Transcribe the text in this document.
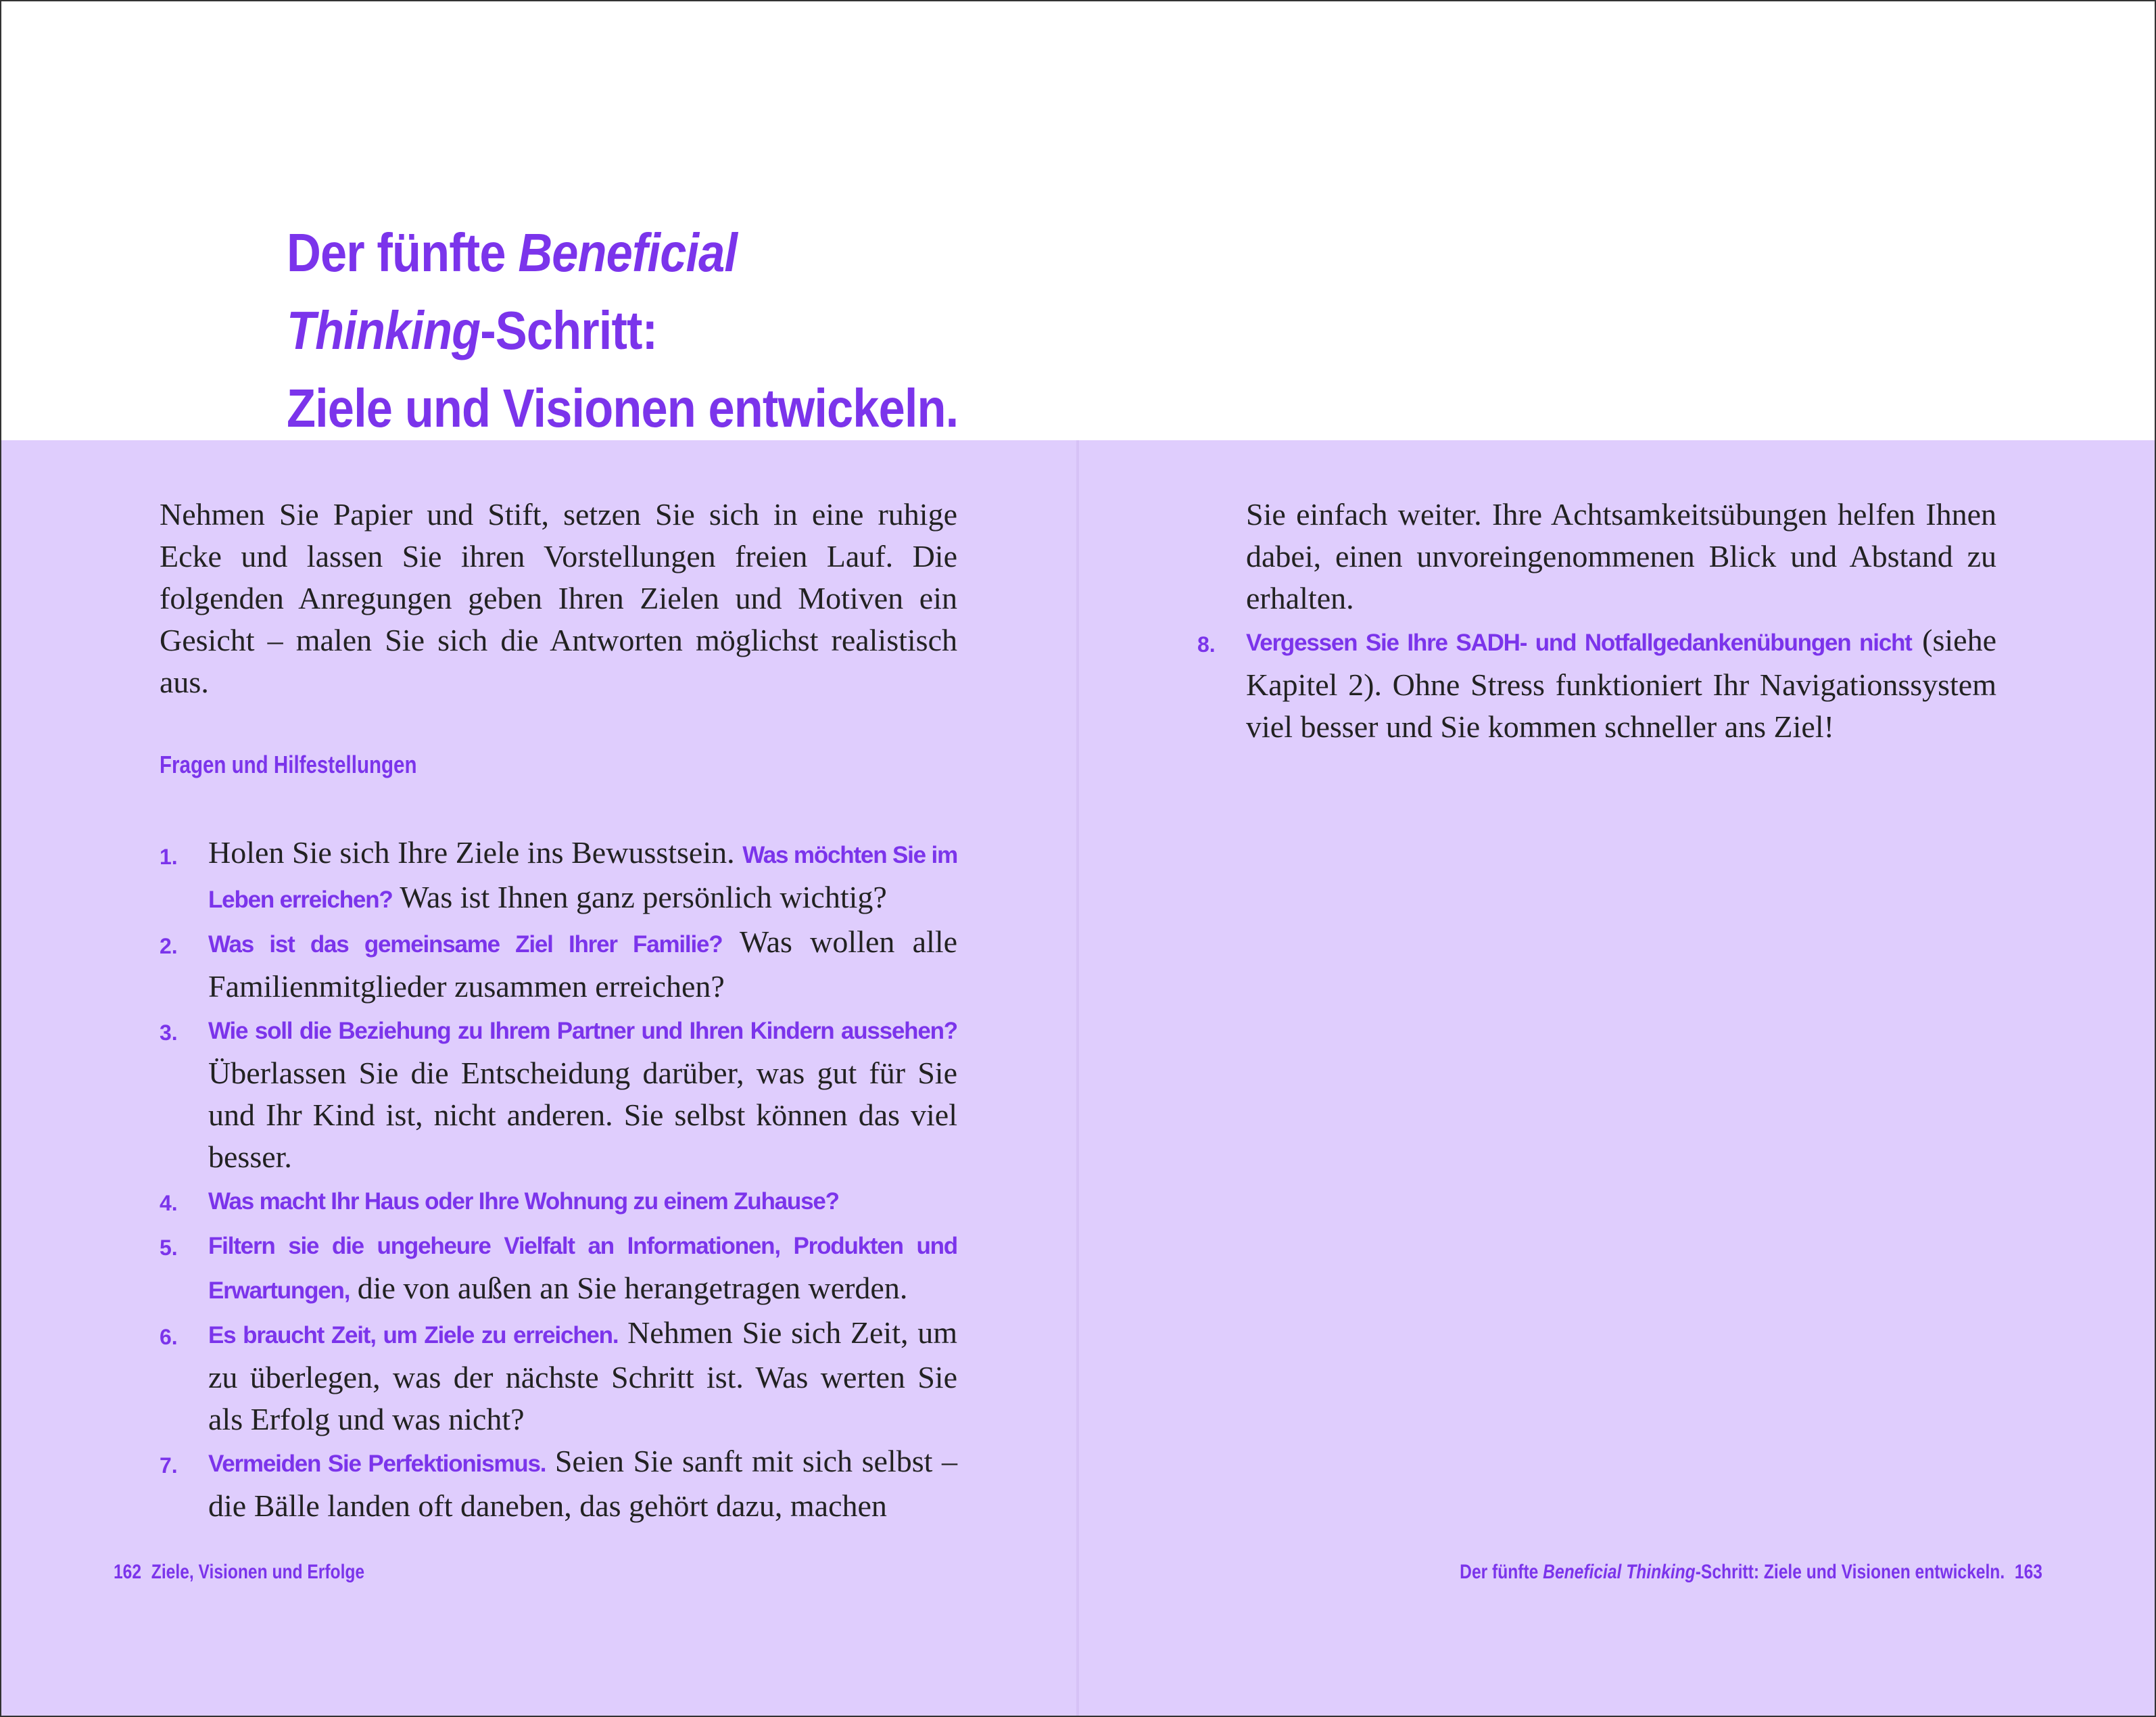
Der fünfte Beneficial
Thinking-Schritt:
Ziele und Visionen entwickeln.

Nehmen Sie Papier und Stift, setzen Sie sich in eine ruhige Ecke und lassen Sie ihren Vorstellungen freien Lauf. Die folgenden Anregungen geben Ihren Zielen und Motiven ein Gesicht – malen Sie sich die Antworten möglichst realistisch aus.

Fragen und Hilfestellungen

1. Holen Sie sich Ihre Ziele ins Bewusstsein. Was möchten Sie im Leben erreichen? Was ist Ihnen ganz persönlich wichtig?
2. Was ist das gemeinsame Ziel Ihrer Familie? Was wollen alle Familienmitglieder zusammen erreichen?
3. Wie soll die Beziehung zu Ihrem Partner und Ihren Kindern aussehen? Überlassen Sie die Entscheidung darüber, was gut für Sie und Ihr Kind ist, nicht anderen. Sie selbst können das viel besser.
4. Was macht Ihr Haus oder Ihre Wohnung zu einem Zuhause?
5. Filtern sie die ungeheure Vielfalt an Informationen, Produkten und Erwartungen, die von außen an Sie herangetragen werden.
6. Es braucht Zeit, um Ziele zu erreichen. Nehmen Sie sich Zeit, um zu überlegen, was der nächste Schritt ist. Was werten Sie als Erfolg und was nicht?
7. Vermeiden Sie Perfektionismus. Seien Sie sanft mit sich selbst – die Bälle landen oft daneben, das gehört dazu, machen

Sie einfach weiter. Ihre Achtsamkeitsübungen helfen Ihnen dabei, einen unvoreingenommenen Blick und Abstand zu erhalten.

8. Vergessen Sie Ihre SADH- und Notfallgedankenübungen nicht (siehe Kapitel 2). Ohne Stress funktioniert Ihr Navigationssystem viel besser und Sie kommen schneller ans Ziel!

162 Ziele, Visionen und Erfolge	Der fünfte Beneficial Thinking-Schritt: Ziele und Visionen entwickeln. 163
